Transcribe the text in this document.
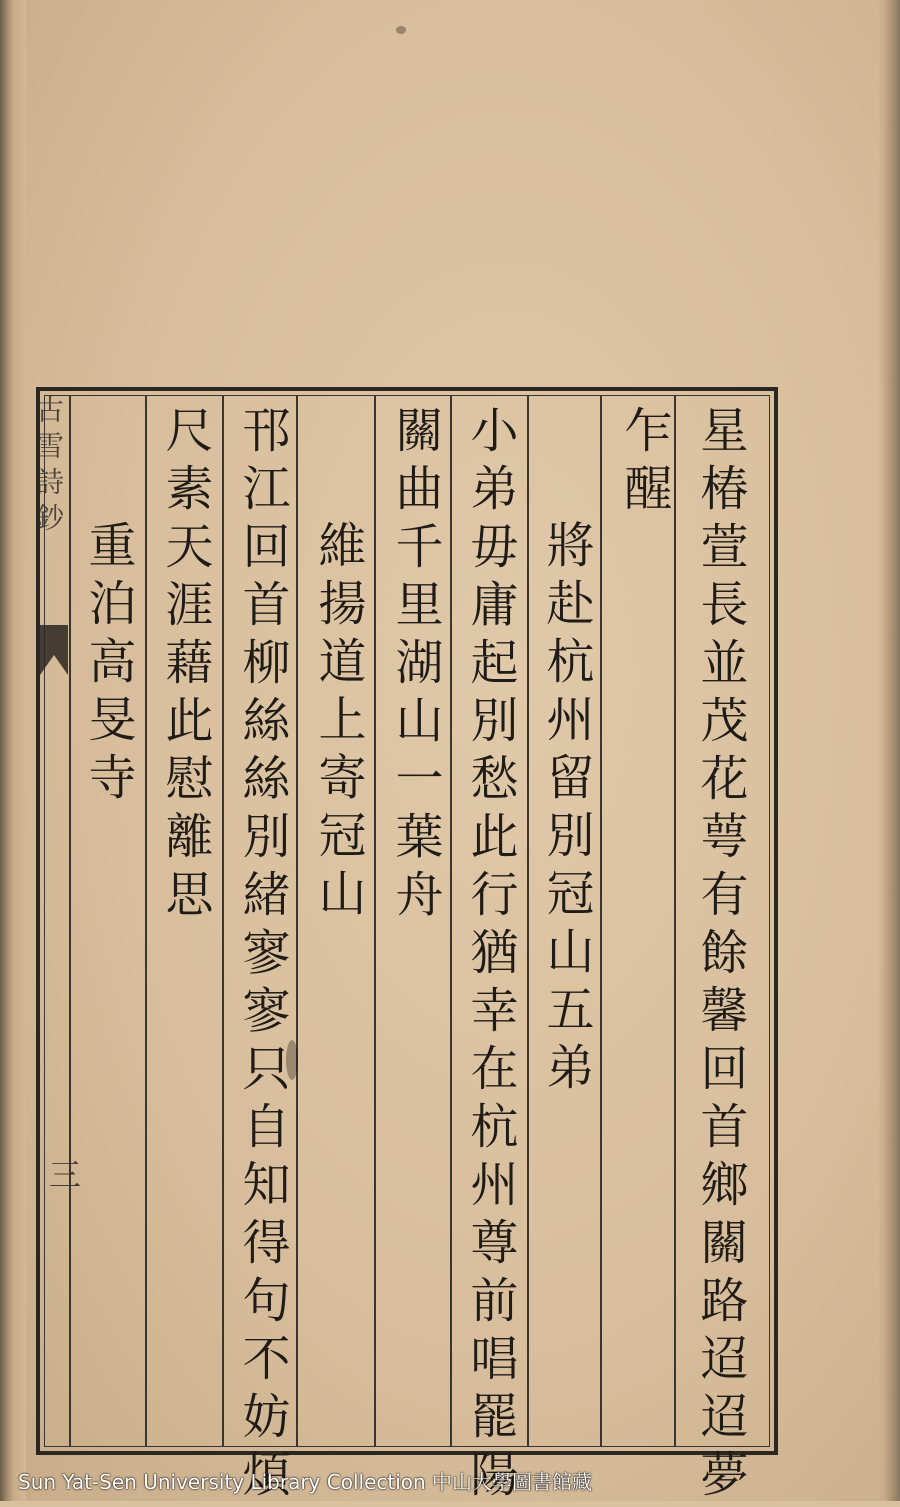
星椿萱長並茂花萼有餘馨回首鄉關路迢迢夢
乍醒
將赴杭州留別冠山五弟
小弟毋庸起別愁此行猶幸在杭州尊前唱罷陽
關曲千里湖山一葉舟
維揚道上寄冠山
邗江回首柳絲絲別緒寥寥只自知得句不妨煩
尺素天涯藉此慰離思
重泊高旻寺
古雪詩鈔
三
Sun Yat-Sen University Library Collection 中山大學圖書館藏
